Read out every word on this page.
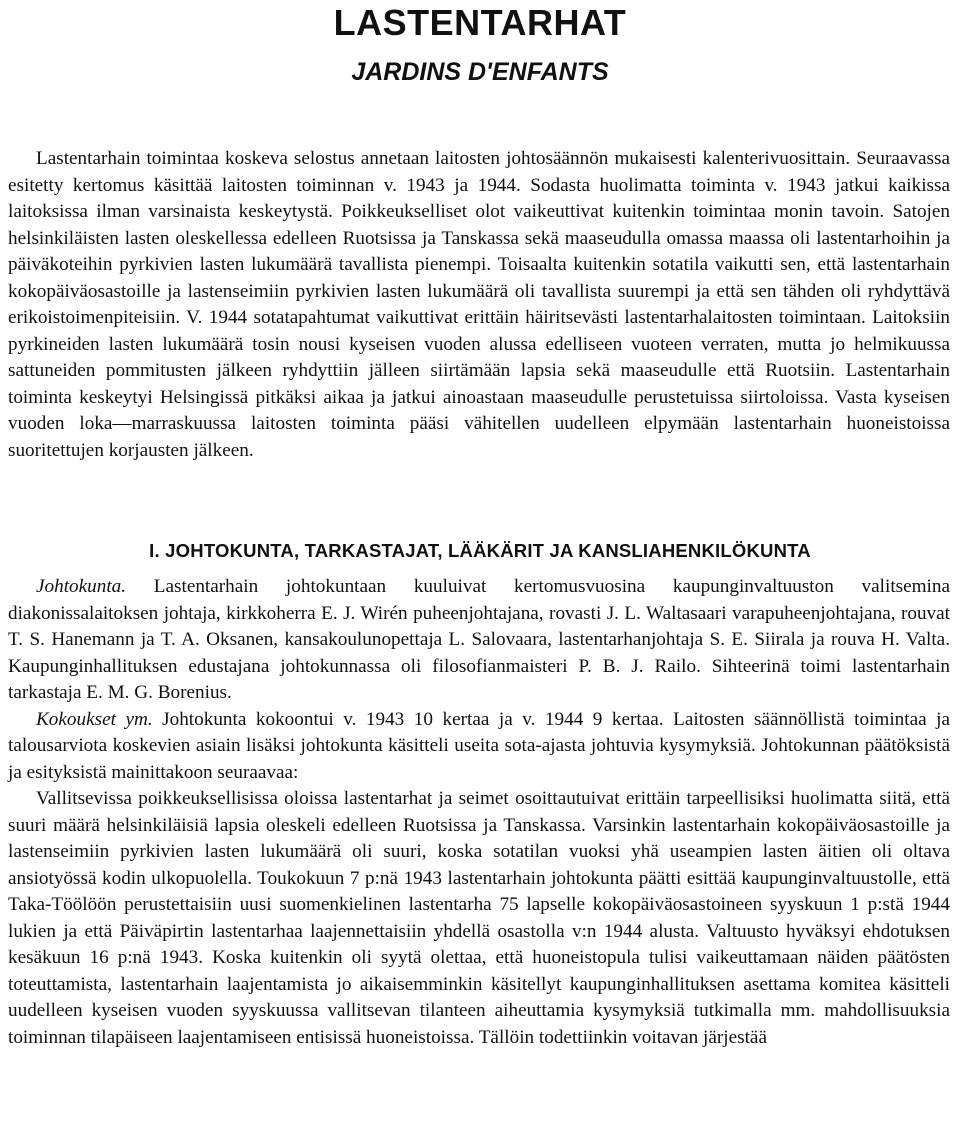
LASTENTARHAT
JARDINS D'ENFANTS

Lastentarhain toimintaa koskeva selostus annetaan laitosten johtosäännön mukaisesti kalenterivuosittain. Seuraavassa esitetty kertomus käsittää laitosten toiminnan v. 1943 ja 1944. Sodasta huolimatta toiminta v. 1943 jatkui kaikissa laitoksissa ilman varsinaista keskeytystä. Poikkeukselliset olot vaikeuttivat kuitenkin toimintaa monin tavoin. Satojen helsinkiläisten lasten oleskellessa edelleen Ruotsissa ja Tanskassa sekä maaseudulla omassa maassa oli lastentarhoihin ja päiväkoteihin pyrkivien lasten lukumäärä tavallista pienempi. Toisaalta kuitenkin sotatila vaikutti sen, että lastentarhain kokopäiväosastoille ja lastenseimiin pyrkivien lasten lukumäärä oli tavallista suurempi ja että sen tähden oli ryhdyttävä erikoistoimenpiteisiin. V. 1944 sotatapahtumat vaikuttivat erittäin häiritsevästi lastentarhalaitosten toimintaan. Laitoksiin pyrkineiden lasten lukumäärä tosin nousi kyseisen vuoden alussa edelliseen vuoteen verraten, mutta jo helmikuussa sattuneiden pommitusten jälkeen ryhdyttiin jälleen siirtämään lapsia sekä maaseudulle että Ruotsiin. Lastentarhain toiminta keskeytyi Helsingissä pitkäksi aikaa ja jatkui ainoastaan maaseudulle perustetuissa siirtoloissa. Vasta kyseisen vuoden loka—marraskuussa laitosten toiminta pääsi vähitellen uudelleen elpymään lastentarhain huoneistoissa suoritettujen korjausten jälkeen.

I. JOHTOKUNTA, TARKASTAJAT, LÄÄKÄRIT JA KANSLIAHENKILÖKUNTA

Johtokunta. Lastentarhain johtokuntaan kuuluivat kertomusvuosina kaupunginvaltuuston valitsemina diakonissalaitoksen johtaja, kirkkoherra E. J. Wirén puheenjohtajana, rovasti J. L. Waltasaari varapuheenjohtajana, rouvat T. S. Hanemann ja T. A. Oksanen, kansakoulunopettaja L. Salovaara, lastentarhanjohtaja S. E. Siirala ja rouva H. Valta. Kaupunginhallituksen edustajana johtokunnassa oli filosofianmaisteri P. B. J. Railo. Sihteerinä toimi lastentarhain tarkastaja E. M. G. Borenius.

Kokoukset ym. Johtokunta kokoontui v. 1943 10 kertaa ja v. 1944 9 kertaa. Laitosten säännöllistä toimintaa ja talousarviota koskevien asiain lisäksi johtokunta käsitteli useita sota-ajasta johtuvia kysymyksiä. Johtokunnan päätöksistä ja esityksistä mainittakoon seuraavaa:

Vallitsevissa poikkeuksellisissa oloissa lastentarhat ja seimet osoittautuivat erittäin tarpeellisiksi huolimatta siitä, että suuri määrä helsinkiläisiä lapsia oleskeli edelleen Ruotsissa ja Tanskassa. Varsinkin lastentarhain kokopäiväosastoille ja lastenseimiin pyrkivien lasten lukumäärä oli suuri, koska sotatilan vuoksi yhä useampien lasten äitien oli oltava ansiotyössä kodin ulkopuolella. Toukokuun 7 p:nä 1943 lastentarhain johtokunta päätti esittää kaupunginvaltuustolle, että Taka-Töölöön perustettaisiin uusi suomenkielinen lastentarha 75 lapselle kokopäiväosastoineen syyskuun 1 p:stä 1944 lukien ja että Päiväpirtin lastentarhaa laajennettaisiin yhdellä osastolla v:n 1944 alusta. Valtuusto hyväksyi ehdotuksen kesäkuun 16 p:nä 1943. Koska kuitenkin oli syytä olettaa, että huoneistopula tulisi vaikeuttamaan näiden päätösten toteuttamista, lastentarhain laajentamista jo aikaisemminkin käsitellyt kaupunginhallituksen asettama komitea käsitteli uudelleen kyseisen vuoden syyskuussa vallitsevan tilanteen aiheuttamia kysymyksiä tutkimalla mm. mahdollisuuksia toiminnan tilapäiseen laajentamiseen entisissä huoneistoissa. Tällöin todettiinkin voitavan järjestää
